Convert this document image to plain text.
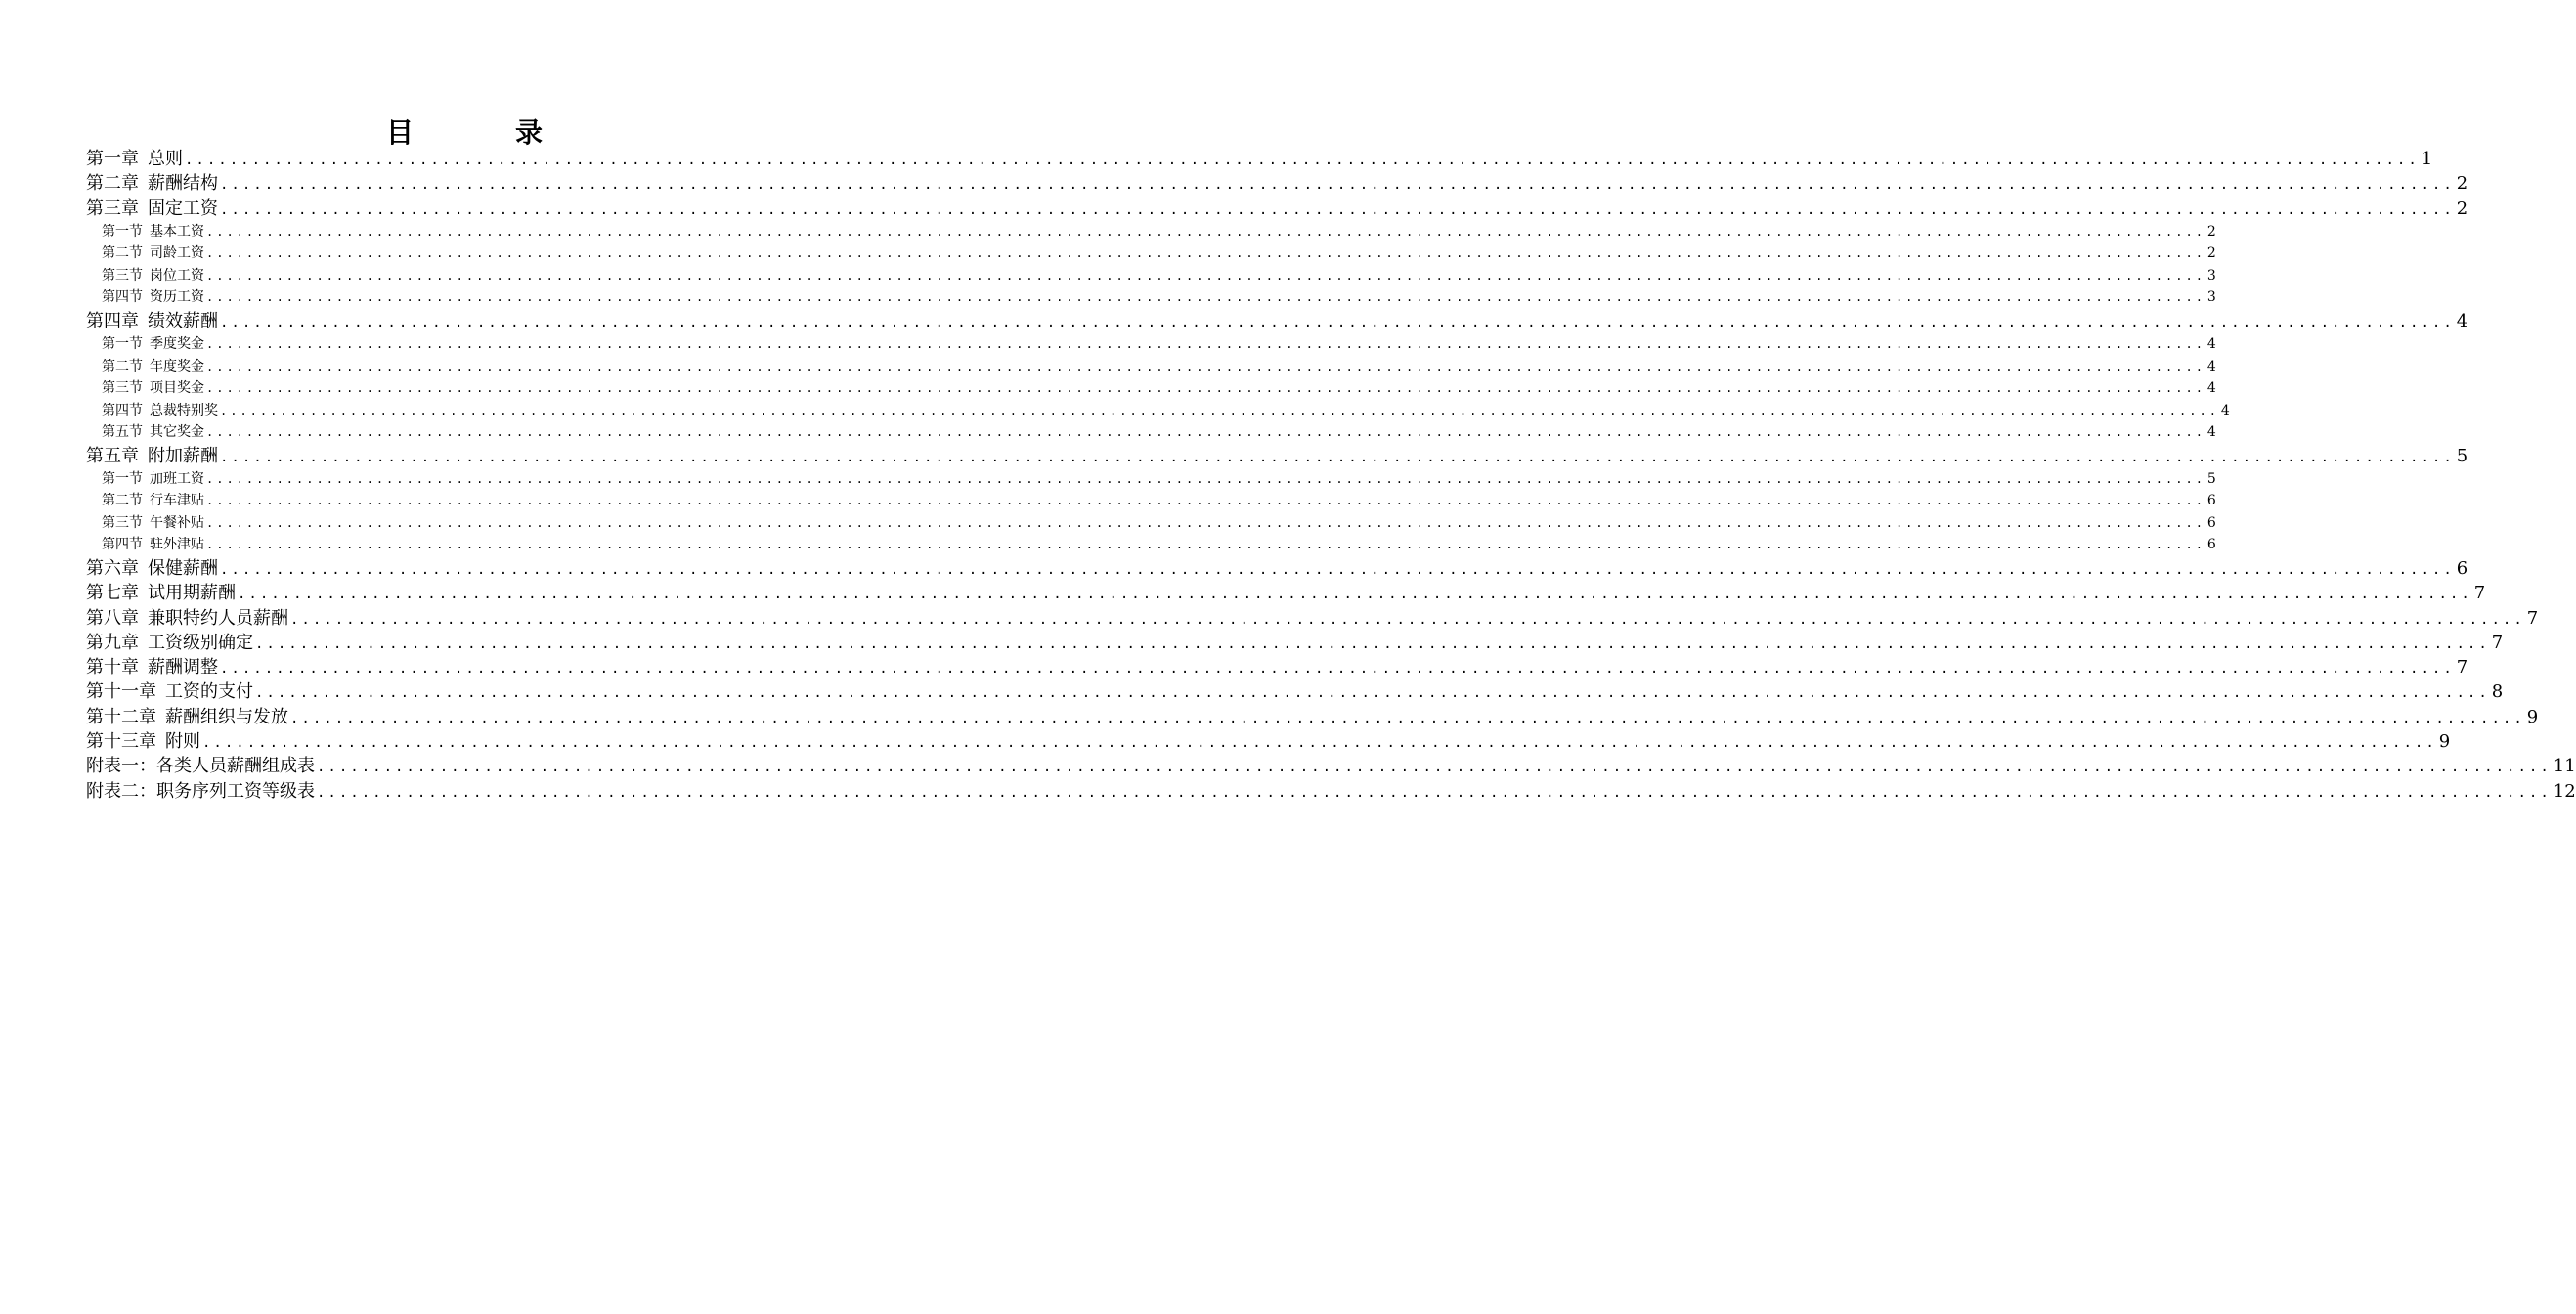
目	录
第一章 总则 ........................................................................................................................................................................................................ 1
第二章 薪酬结构 ........................................................................................................................................................................................................ 2
第三章 固定工资 ........................................................................................................................................................................................................ 2
第一节 基本工资 ........................................................................................................................................................................................................ 2
第二节 司龄工资 ........................................................................................................................................................................................................ 2
第三节 岗位工资 ........................................................................................................................................................................................................ 3
第四节 资历工资 ........................................................................................................................................................................................................ 3
第四章 绩效薪酬 ........................................................................................................................................................................................................ 4
第一节 季度奖金 ........................................................................................................................................................................................................ 4
第二节 年度奖金 ........................................................................................................................................................................................................ 4
第三节 项目奖金 ........................................................................................................................................................................................................ 4
第四节 总裁特别奖 ........................................................................................................................................................................................................ 4
第五节 其它奖金 ........................................................................................................................................................................................................ 4
第五章 附加薪酬 ........................................................................................................................................................................................................ 5
第一节 加班工资 ........................................................................................................................................................................................................ 5
第二节 行车津贴 ........................................................................................................................................................................................................ 6
第三节 午餐补贴 ........................................................................................................................................................................................................ 6
第四节 驻外津贴 ........................................................................................................................................................................................................ 6
第六章 保健薪酬 ........................................................................................................................................................................................................ 6
第七章 试用期薪酬 ........................................................................................................................................................................................................ 7
第八章 兼职特约人员薪酬 ........................................................................................................................................................................................................ 7
第九章 工资级别确定 ........................................................................................................................................................................................................ 7
第十章 薪酬调整 ........................................................................................................................................................................................................ 7
第十一章 工资的支付 ........................................................................................................................................................................................................ 8
第十二章 薪酬组织与发放 ........................................................................................................................................................................................................ 9
第十三章 附则 ........................................................................................................................................................................................................ 9
附表一：各类人员薪酬组成表 ........................................................................................................................................................................................................ 11
附表二：职务序列工资等级表 ........................................................................................................................................................................................................ 12
